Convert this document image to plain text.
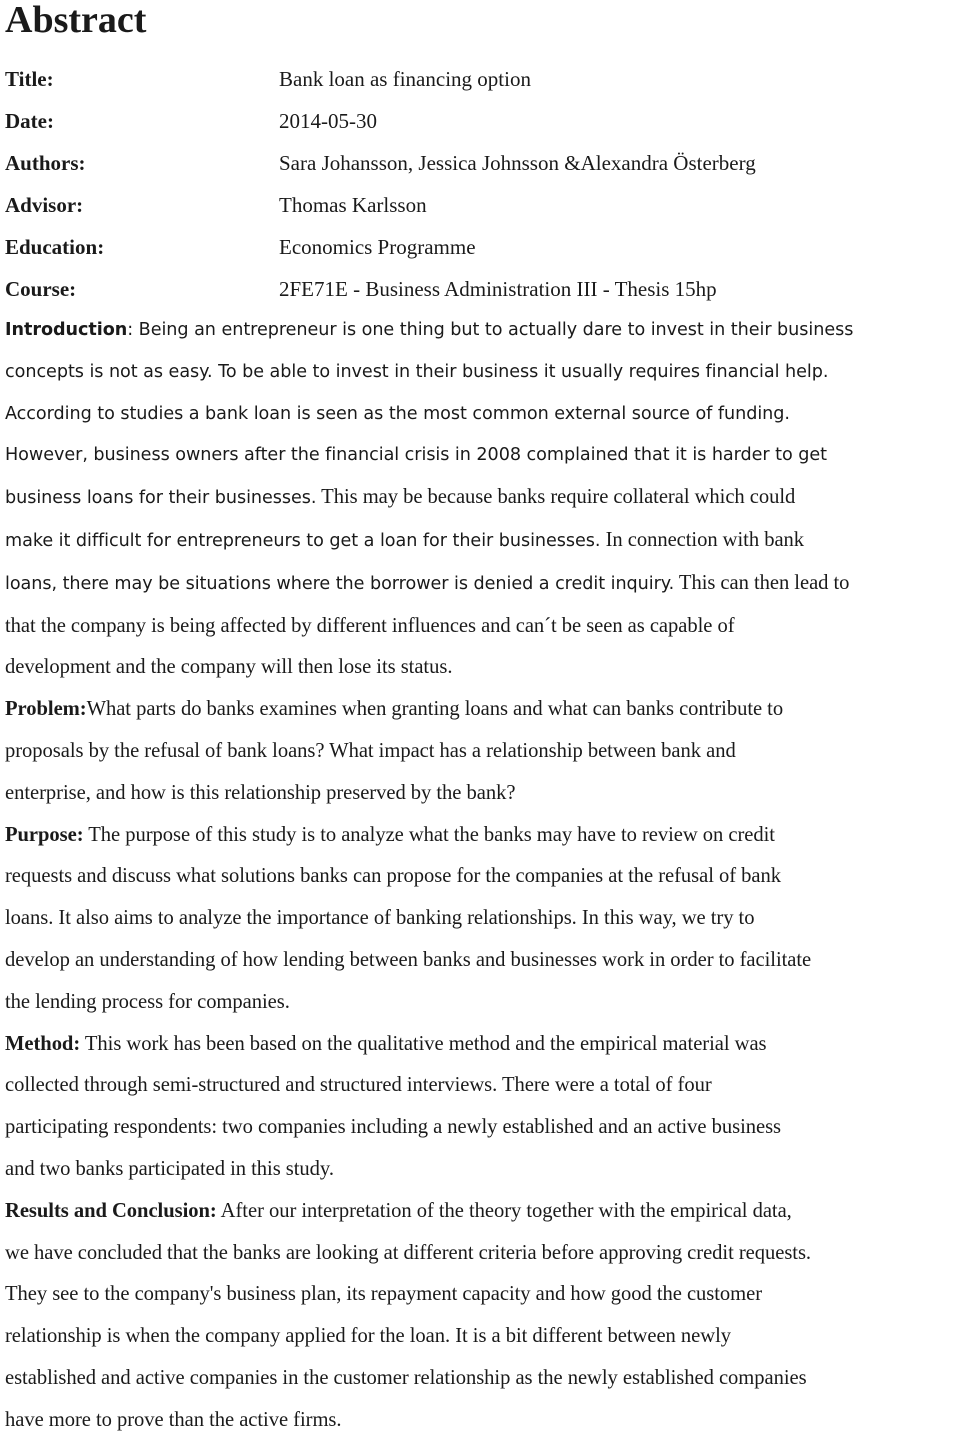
Abstract
Title:	Bank loan as financing option
Date:	2014-05-30
Authors:	Sara Johansson, Jessica Johnsson &Alexandra Österberg
Advisor:	Thomas Karlsson
Education:	Economics Programme
Course:	2FE71E - Business Administration III - Thesis 15hp
Introduction: Being an entrepreneur is one thing but to actually dare to invest in their business
concepts is not as easy. To be able to invest in their business it usually requires financial help.
According to studies a bank loan is seen as the most common external source of funding.
However, business owners after the financial crisis in 2008 complained that it is harder to get
business loans for their businesses. This may be because banks require collateral which could
make it difficult for entrepreneurs to get a loan for their businesses. In connection with bank
loans, there may be situations where the borrower is denied a credit inquiry. This can then lead to
that the company is being affected by different influences and can´t be seen as capable of
development and the company will then lose its status.
Problem:What parts do banks examines when granting loans and what can banks contribute to
proposals by the refusal of bank loans? What impact has a relationship between bank and
enterprise, and how is this relationship preserved by the bank?
Purpose: The purpose of this study is to analyze what the banks may have to review on credit
requests and discuss what solutions banks can propose for the companies at the refusal of bank
loans. It also aims to analyze the importance of banking relationships. In this way, we try to
develop an understanding of how lending between banks and businesses work in order to facilitate
the lending process for companies.
Method: This work has been based on the qualitative method and the empirical material was
collected through semi-structured and structured interviews. There were a total of four
participating respondents: two companies including a newly established and an active business
and two banks participated in this study.
Results and Conclusion: After our interpretation of the theory together with the empirical data,
we have concluded that the banks are looking at different criteria before approving credit requests.
They see to the company's business plan, its repayment capacity and how good the customer
relationship is when the company applied for the loan. It is a bit different between newly
established and active companies in the customer relationship as the newly established companies
have more to prove than the active firms.
